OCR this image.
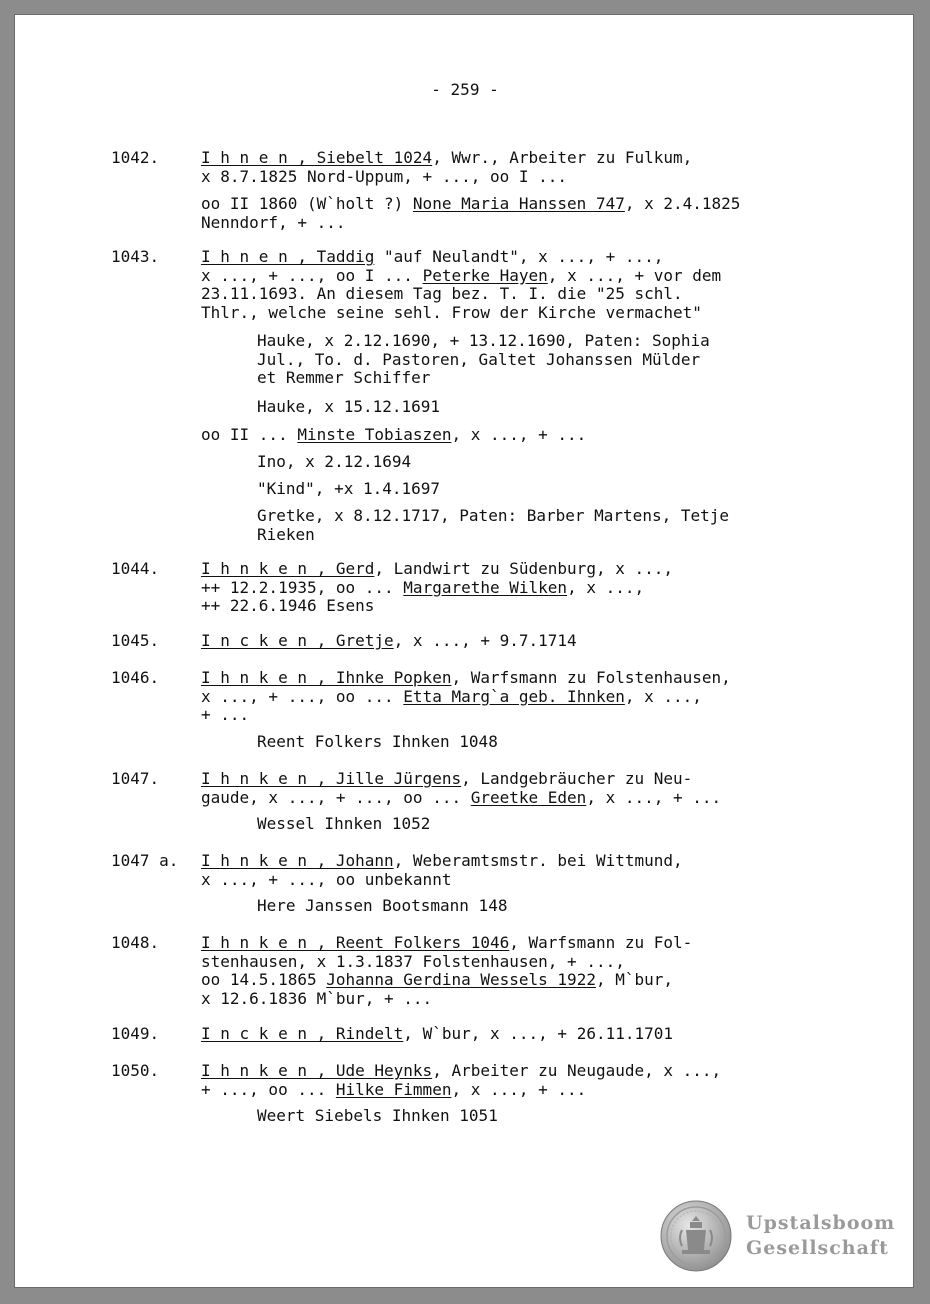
- 259 -
1042.	I h n e n , Siebelt 1024, Wwr., Arbeiter zu Fulkum,
x 8.7.1825 Nord-Uppum, + ..., oo I ...
oo II 1860 (W`holt ?) None Maria Hanssen 747, x 2.4.1825
Nenndorf, + ...
1043.	I h n e n , Taddig "auf Neulandt", x ..., + ...,
x ..., + ..., oo I ... Peterke Hayen, x ..., + vor dem
23.11.1693. An diesem Tag bez. T. I. die "25 schl.
Thlr., welche seine sehl. Frow der Kirche vermachet"
Hauke, x 2.12.1690, + 13.12.1690, Paten: Sophia
Jul., To. d. Pastoren, Galtet Johanssen Mülder
et Remmer Schiffer
Hauke, x 15.12.1691
oo II ... Minste Tobiaszen, x ..., + ...
Ino, x 2.12.1694
"Kind", +x 1.4.1697
Gretke, x 8.12.1717, Paten: Barber Martens, Tetje
Rieken
1044.	I h n k e n , Gerd, Landwirt zu Südenburg, x ...,
++ 12.2.1935, oo ... Margarethe Wilken, x ...,
++ 22.6.1946 Esens
1045.	I n c k e n , Gretje, x ..., + 9.7.1714
1046.	I h n k e n , Ihnke Popken, Warfsmann zu Folstenhausen,
x ..., + ..., oo ... Etta Marg`a geb. Ihnken, x ...,
+ ...
Reent Folkers Ihnken 1048
1047.	I h n k e n , Jille Jürgens, Landgebräucher zu Neu-
gaude, x ..., + ..., oo ... Greetke Eden, x ..., + ...
Wessel Ihnken 1052
1047 a. I h n k e n , Johann, Weberamtsmstr. bei Wittmund,
x ..., + ..., oo unbekannt
Here Janssen Bootsmann 148
1048.	I h n k e n , Reent Folkers 1046, Warfsmann zu Fol-
stenhausen, x 1.3.1837 Folstenhausen, + ...,
oo 14.5.1865 Johanna Gerdina Wessels 1922, M`bur,
x 12.6.1836 M`bur, + ...
1049.	I n c k e n , Rindelt, W`bur, x ..., + 26.11.1701
1050.	I h n k e n , Ude Heynks, Arbeiter zu Neugaude, x ...,
+ ..., oo ... Hilke Fimmen, x ..., + ...
Weert Siebels Ihnken 1051
Upstalsboom
Gesellschaft
